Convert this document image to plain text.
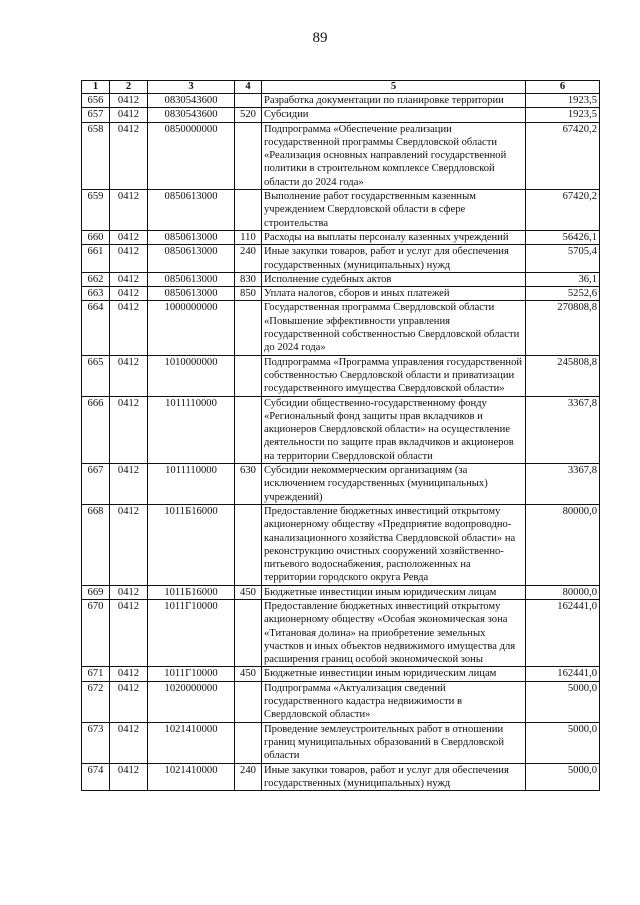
89
1	2	3	4	5	6
656	0412	0830543600		Разработка документации по планировке территории	1923,5
657	0412	0830543600	520	Субсидии	1923,5
658	0412	0850000000		Подпрограмма «Обеспечение реализации государственной программы Свердловской области «Реализация основных направлений государственной политики в строительном комплексе Свердловской области до 2024 года»	67420,2
659	0412	0850613000		Выполнение работ государственным казенным учреждением Свердловской области в сфере строительства	67420,2
660	0412	0850613000	110	Расходы на выплаты персоналу казенных учреждений	56426,1
661	0412	0850613000	240	Иные закупки товаров, работ и услуг для обеспечения государственных (муниципальных) нужд	5705,4
662	0412	0850613000	830	Исполнение судебных актов	36,1
663	0412	0850613000	850	Уплата налогов, сборов и иных платежей	5252,6
664	0412	1000000000		Государственная программа Свердловской области «Повышение эффективности управления государственной собственностью Свердловской области до 2024 года»	270808,8
665	0412	1010000000		Подпрограмма «Программа управления государственной собственностью Свердловской области и приватизации государственного имущества Свердловской области»	245808,8
666	0412	1011110000		Субсидии общественно-государственному фонду «Региональный фонд защиты прав вкладчиков и акционеров Свердловской области» на осуществление деятельности по защите прав вкладчиков и акционеров на территории Свердловской области	3367,8
667	0412	1011110000	630	Субсидии некоммерческим организациям (за исключением государственных (муниципальных) учреждений)	3367,8
668	0412	1011Б16000		Предоставление бюджетных инвестиций открытому акционерному обществу «Предприятие водопроводно-канализационного хозяйства Свердловской области» на реконструкцию очистных сооружений хозяйственно-питьевого водоснабжения, расположенных на территории городского округа Ревда	80000,0
669	0412	1011Б16000	450	Бюджетные инвестиции иным юридическим лицам	80000,0
670	0412	1011Г10000		Предоставление бюджетных инвестиций открытому акционерному обществу «Особая экономическая зона «Титановая долина» на приобретение земельных участков и иных объектов недвижимого имущества для расширения границ особой экономической зоны	162441,0
671	0412	1011Г10000	450	Бюджетные инвестиции иным юридическим лицам	162441,0
672	0412	1020000000		Подпрограмма «Актуализация сведений государственного кадастра недвижимости в Свердловской области»	5000,0
673	0412	1021410000		Проведение землеустроительных работ в отношении границ муниципальных образований в Свердловской области	5000,0
674	0412	1021410000	240	Иные закупки товаров, работ и услуг для обеспечения государственных (муниципальных) нужд	5000,0
